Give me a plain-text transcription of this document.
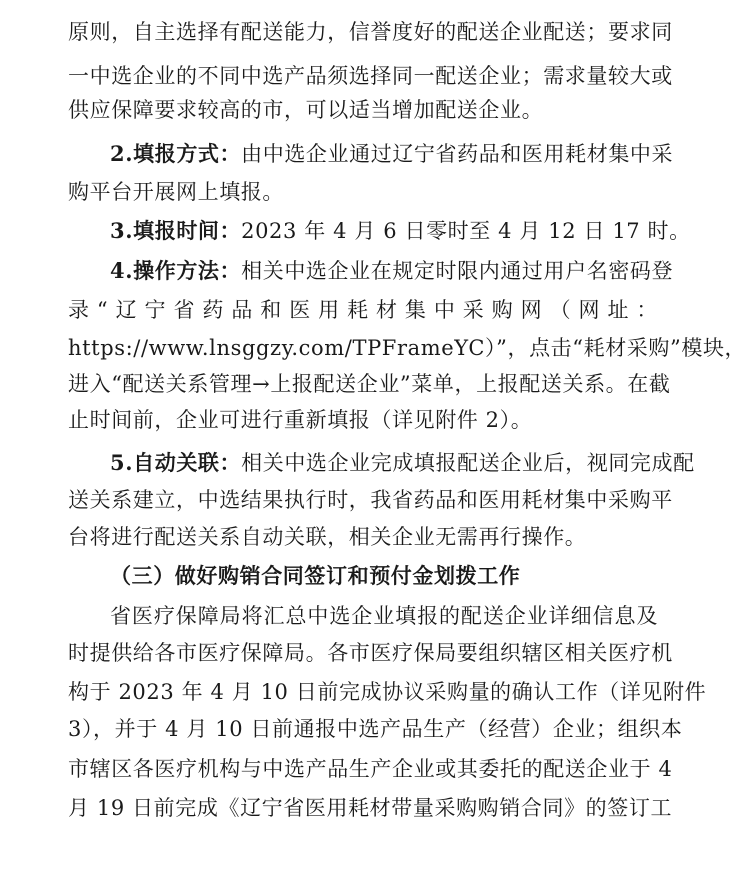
原则，自主选择有配送能力，信誉度好的配送企业配送；要求同
一中选企业的不同中选产品须选择同一配送企业；需求量较大或
供应保障要求较高的市，可以适当增加配送企业。
2.填报方式：由中选企业通过辽宁省药品和医用耗材集中采
购平台开展网上填报。
3.填报时间：2023 年 4 月 6 日零时至 4 月 12 日 17 时。
4.操作方法：相关中选企业在规定时限内通过用户名密码登
录“辽宁省药品和医用耗材集中采购网（网址：
https://www.lnsggzy.com/TPFrameYC）”，点击“耗材采购”模块，
进入“配送关系管理→上报配送企业”菜单，上报配送关系。在截
止时间前，企业可进行重新填报（详见附件 2）。
5.自动关联：相关中选企业完成填报配送企业后，视同完成配
送关系建立，中选结果执行时，我省药品和医用耗材集中采购平
台将进行配送关系自动关联，相关企业无需再行操作。
（三）做好购销合同签订和预付金划拨工作
省医疗保障局将汇总中选企业填报的配送企业详细信息及
时提供给各市医疗保障局。各市医疗保局要组织辖区相关医疗机
构于 2023 年 4 月 10 日前完成协议采购量的确认工作（详见附件
3），并于 4 月 10 日前通报中选产品生产（经营）企业；组织本
市辖区各医疗机构与中选产品生产企业或其委托的配送企业于 4
月 19 日前完成《辽宁省医用耗材带量采购购销合同》的签订工
